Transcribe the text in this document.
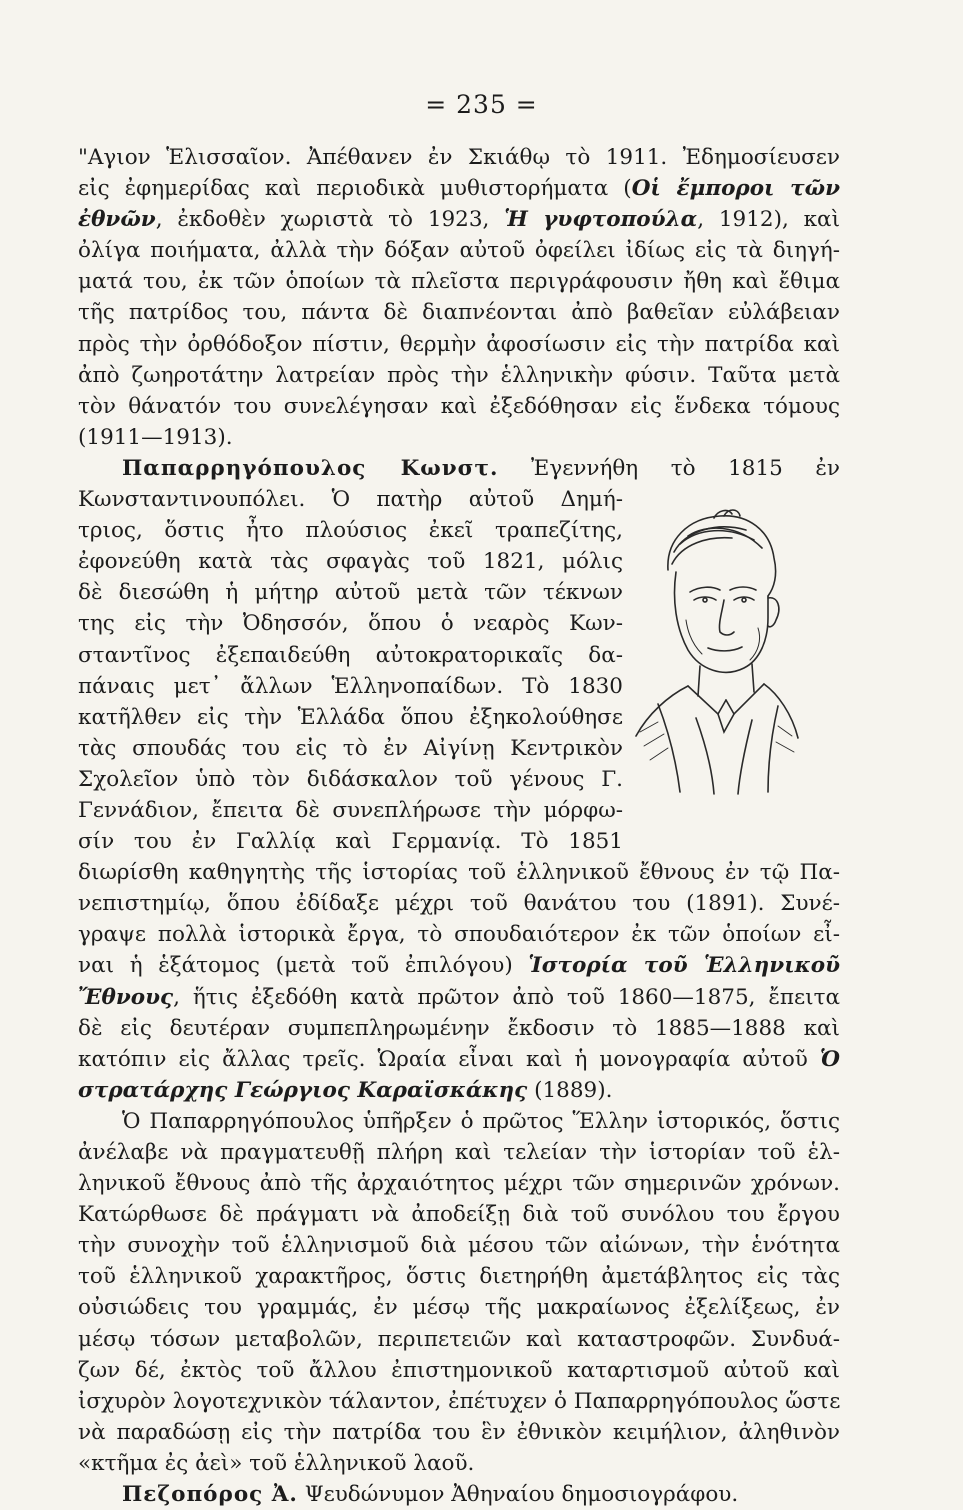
= 235 =
"Αγιον Ἑλισσαῖον. Ἀπέθανεν ἐν Σκιάθῳ τὸ 1911. Ἐδημοσίευσεν
εἰς ἐφημερίδας καὶ περιοδικὰ μυθιστορήματα (Οἱ ἔμποροι τῶν
ἐθνῶν, ἐκδοθὲν χωριστὰ τὸ 1923, Ἡ γυφτοπούλα, 1912), καὶ
ὀλίγα ποιήματα, ἀλλὰ τὴν δόξαν αὐτοῦ ὀφείλει ἰδίως εἰς τὰ διηγή-
ματά του, ἐκ τῶν ὁποίων τὰ πλεῖστα περιγράφουσιν ἤθη καὶ ἔθιμα
τῆς πατρίδος του, πάντα δὲ διαπνέονται ἀπὸ βαθεῖαν εὐλάβειαν
πρὸς τὴν ὀρθόδοξον πίστιν, θερμὴν ἀφοσίωσιν εἰς τὴν πατρίδα καὶ
ἀπὸ ζωηροτάτην λατρείαν πρὸς τὴν ἑλληνικὴν φύσιν. Ταῦτα μετὰ
τὸν θάνατόν του συνελέγησαν καὶ ἐξεδόθησαν εἰς ἕνδεκα τόμους
(1911—1913).
Παπαρρηγόπουλος Κωνστ. Ἐγεννήθη τὸ 1815 ἐν
Κωνσταντινουπόλει. Ὁ πατὴρ αὐτοῦ Δημή-
τριος, ὅστις ἦτο πλούσιος ἐκεῖ τραπεζίτης,
ἐφονεύθη κατὰ τὰς σφαγὰς τοῦ 1821, μόλις
δὲ διεσώθη ἡ μήτηρ αὐτοῦ μετὰ τῶν τέκνων
της εἰς τὴν Ὀδησσόν, ὅπου ὁ νεαρὸς Κων-
σταντῖνος ἐξεπαιδεύθη αὐτοκρατορικαῖς δα-
πάναις μετ᾽ ἄλλων Ἑλληνοπαίδων. Τὸ 1830
κατῆλθεν εἰς τὴν Ἑλλάδα ὅπου ἐξηκολούθησε
τὰς σπουδάς του εἰς τὸ ἐν Αἰγίνῃ Κεντρικὸν
Σχολεῖον ὑπὸ τὸν διδάσκαλον τοῦ γένους Γ.
Γεννάδιον, ἔπειτα δὲ συνεπλήρωσε τὴν μόρφω-
σίν του ἐν Γαλλίᾳ καὶ Γερμανίᾳ. Τὸ 1851
διωρίσθη καθηγητὴς τῆς ἱστορίας τοῦ ἑλληνικοῦ ἔθνους ἐν τῷ Πα-
νεπιστημίῳ, ὅπου ἐδίδαξε μέχρι τοῦ θανάτου του (1891). Συνέ-
γραψε πολλὰ ἱστορικὰ ἔργα, τὸ σπουδαιότερον ἐκ τῶν ὁποίων εἶ-
ναι ἡ ἑξάτομος (μετὰ τοῦ ἐπιλόγου) Ἱστορία τοῦ Ἑλληνικοῦ
Ἔθνους, ἥτις ἐξεδόθη κατὰ πρῶτον ἀπὸ τοῦ 1860—1875, ἔπειτα
δὲ εἰς δευτέραν συμπεπληρωμένην ἔκδοσιν τὸ 1885—1888 καὶ
κατόπιν εἰς ἄλλας τρεῖς. Ὡραία εἶναι καὶ ἡ μονογραφία αὐτοῦ Ὁ
στρατάρχης Γεώργιος Καραϊσκάκης (1889).
Ὁ Παπαρρηγόπουλος ὑπῆρξεν ὁ πρῶτος Ἕλλην ἱστορικός, ὅστις
ἀνέλαβε νὰ πραγματευθῇ πλήρη καὶ τελείαν τὴν ἱστορίαν τοῦ ἑλ-
ληνικοῦ ἔθνους ἀπὸ τῆς ἀρχαιότητος μέχρι τῶν σημερινῶν χρόνων.
Κατώρθωσε δὲ πράγματι νὰ ἀποδείξῃ διὰ τοῦ συνόλου του ἔργου
τὴν συνοχὴν τοῦ ἑλληνισμοῦ διὰ μέσου τῶν αἰώνων, τὴν ἑνότητα
τοῦ ἑλληνικοῦ χαρακτῆρος, ὅστις διετηρήθη ἀμετάβλητος εἰς τὰς
οὐσιώδεις του γραμμάς, ἐν μέσῳ τῆς μακραίωνος ἐξελίξεως, ἐν
μέσῳ τόσων μεταβολῶν, περιπετειῶν καὶ καταστροφῶν. Συνδυά-
ζων δέ, ἐκτὸς τοῦ ἄλλου ἐπιστημονικοῦ καταρτισμοῦ αὐτοῦ καὶ
ἰσχυρὸν λογοτεχνικὸν τάλαντον, ἐπέτυχεν ὁ Παπαρρηγόπουλος ὥστε
νὰ παραδώσῃ εἰς τὴν πατρίδα του ἓν ἐθνικὸν κειμήλιον, ἀληθινὸν
«κτῆμα ἐς ἀεὶ» τοῦ ἑλληνικοῦ λαοῦ.
Πεζοπόρος Ἀ. Ψευδώνυμον Ἀθηναίου δημοσιογράφου.
